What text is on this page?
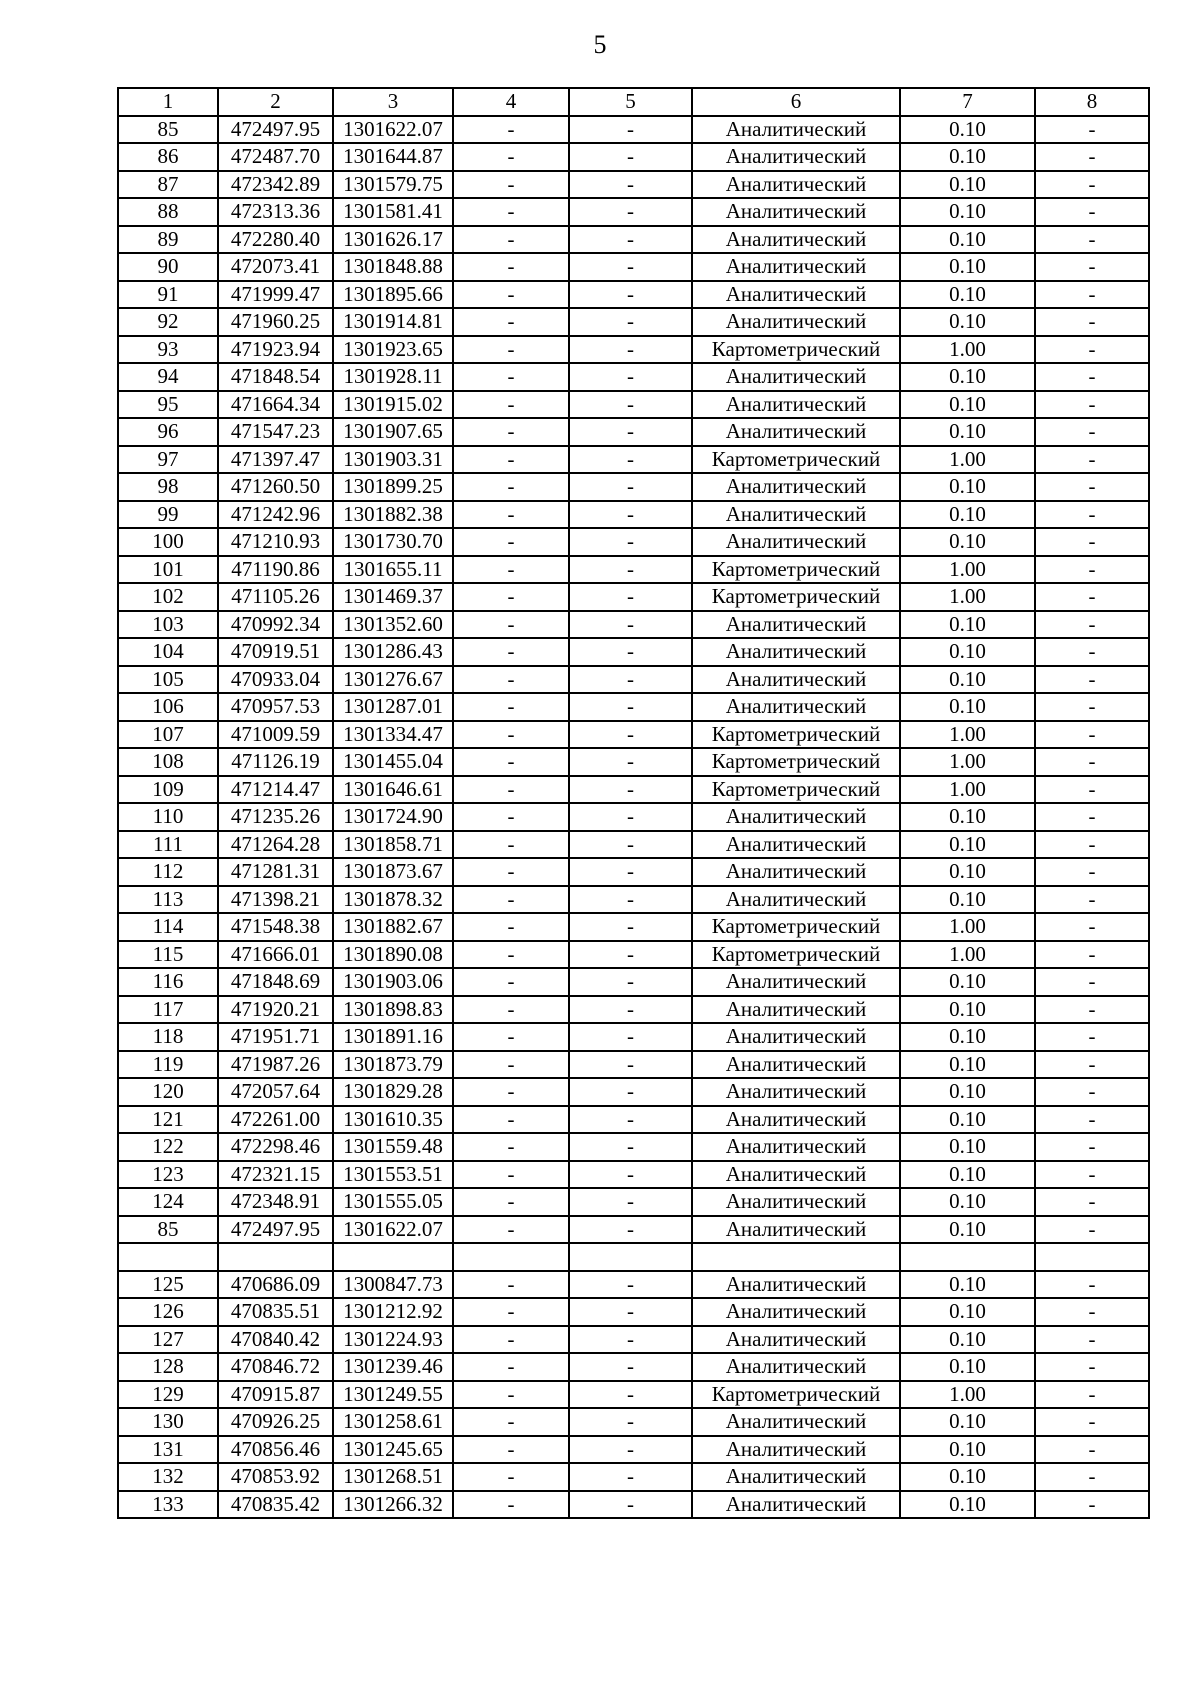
5
1	2	3	4	5	6	7	8
85	472497.95	1301622.07	-	-	Аналитический	0.10	-
86	472487.70	1301644.87	-	-	Аналитический	0.10	-
87	472342.89	1301579.75	-	-	Аналитический	0.10	-
88	472313.36	1301581.41	-	-	Аналитический	0.10	-
89	472280.40	1301626.17	-	-	Аналитический	0.10	-
90	472073.41	1301848.88	-	-	Аналитический	0.10	-
91	471999.47	1301895.66	-	-	Аналитический	0.10	-
92	471960.25	1301914.81	-	-	Аналитический	0.10	-
93	471923.94	1301923.65	-	-	Картометрический	1.00	-
94	471848.54	1301928.11	-	-	Аналитический	0.10	-
95	471664.34	1301915.02	-	-	Аналитический	0.10	-
96	471547.23	1301907.65	-	-	Аналитический	0.10	-
97	471397.47	1301903.31	-	-	Картометрический	1.00	-
98	471260.50	1301899.25	-	-	Аналитический	0.10	-
99	471242.96	1301882.38	-	-	Аналитический	0.10	-
100	471210.93	1301730.70	-	-	Аналитический	0.10	-
101	471190.86	1301655.11	-	-	Картометрический	1.00	-
102	471105.26	1301469.37	-	-	Картометрический	1.00	-
103	470992.34	1301352.60	-	-	Аналитический	0.10	-
104	470919.51	1301286.43	-	-	Аналитический	0.10	-
105	470933.04	1301276.67	-	-	Аналитический	0.10	-
106	470957.53	1301287.01	-	-	Аналитический	0.10	-
107	471009.59	1301334.47	-	-	Картометрический	1.00	-
108	471126.19	1301455.04	-	-	Картометрический	1.00	-
109	471214.47	1301646.61	-	-	Картометрический	1.00	-
110	471235.26	1301724.90	-	-	Аналитический	0.10	-
111	471264.28	1301858.71	-	-	Аналитический	0.10	-
112	471281.31	1301873.67	-	-	Аналитический	0.10	-
113	471398.21	1301878.32	-	-	Аналитический	0.10	-
114	471548.38	1301882.67	-	-	Картометрический	1.00	-
115	471666.01	1301890.08	-	-	Картометрический	1.00	-
116	471848.69	1301903.06	-	-	Аналитический	0.10	-
117	471920.21	1301898.83	-	-	Аналитический	0.10	-
118	471951.71	1301891.16	-	-	Аналитический	0.10	-
119	471987.26	1301873.79	-	-	Аналитический	0.10	-
120	472057.64	1301829.28	-	-	Аналитический	0.10	-
121	472261.00	1301610.35	-	-	Аналитический	0.10	-
122	472298.46	1301559.48	-	-	Аналитический	0.10	-
123	472321.15	1301553.51	-	-	Аналитический	0.10	-
124	472348.91	1301555.05	-	-	Аналитический	0.10	-
85	472497.95	1301622.07	-	-	Аналитический	0.10	-

125	470686.09	1300847.73	-	-	Аналитический	0.10	-
126	470835.51	1301212.92	-	-	Аналитический	0.10	-
127	470840.42	1301224.93	-	-	Аналитический	0.10	-
128	470846.72	1301239.46	-	-	Аналитический	0.10	-
129	470915.87	1301249.55	-	-	Картометрический	1.00	-
130	470926.25	1301258.61	-	-	Аналитический	0.10	-
131	470856.46	1301245.65	-	-	Аналитический	0.10	-
132	470853.92	1301268.51	-	-	Аналитический	0.10	-
133	470835.42	1301266.32	-	-	Аналитический	0.10	-
